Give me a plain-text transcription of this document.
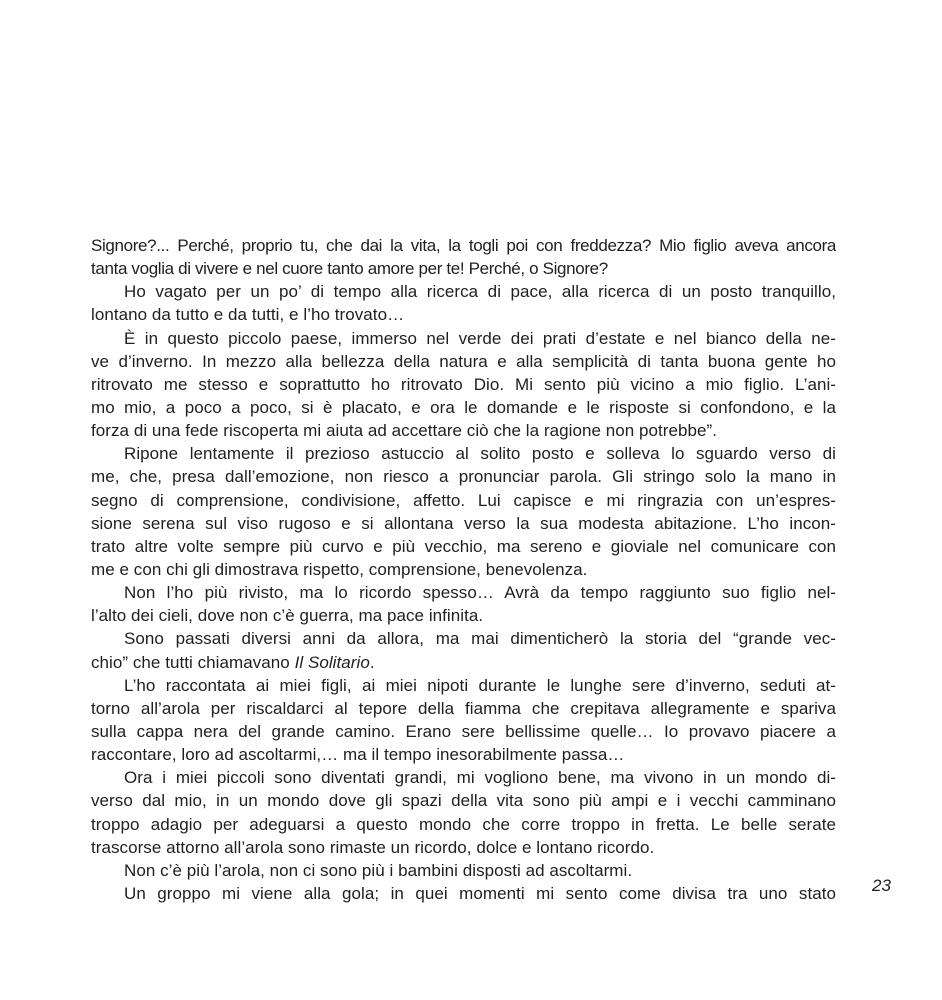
Signore?... Perché, proprio tu, che dai la vita, la togli poi con freddezza? Mio figlio aveva ancora
tanta voglia di vivere e nel cuore tanto amore per te! Perché, o Signore?
Ho vagato per un po’ di tempo alla ricerca di pace, alla ricerca di un posto tranquillo,
lontano da tutto e da tutti, e l’ho trovato…
È in questo piccolo paese, immerso nel verde dei prati d’estate e nel bianco della ne-
ve d’inverno. In mezzo alla bellezza della natura e alla semplicità di tanta buona gente ho
ritrovato me stesso e soprattutto ho ritrovato Dio. Mi sento più vicino a mio figlio. L’ani-
mo mio, a poco a poco, si è placato, e ora le domande e le risposte si confondono, e la
forza di una fede riscoperta mi aiuta ad accettare ciò che la ragione non potrebbe”.
Ripone lentamente il prezioso astuccio al solito posto e solleva lo sguardo verso di
me, che, presa dall’emozione, non riesco a pronunciar parola. Gli stringo solo la mano in
segno di comprensione, condivisione, affetto. Lui capisce e mi ringrazia con un’espres-
sione serena sul viso rugoso e si allontana verso la sua modesta abitazione. L’ho incon-
trato altre volte sempre più curvo e più vecchio, ma sereno e gioviale nel comunicare con
me e con chi gli dimostrava rispetto, comprensione, benevolenza.
Non l’ho più rivisto, ma lo ricordo spesso… Avrà da tempo raggiunto suo figlio nel-
l’alto dei cieli, dove non c’è guerra, ma pace infinita.
Sono passati diversi anni da allora, ma mai dimenticherò la storia del “grande vec-
chio” che tutti chiamavano Il Solitario.
L’ho raccontata ai miei figli, ai miei nipoti durante le lunghe sere d’inverno, seduti at-
torno all’arola per riscaldarci al tepore della fiamma che crepitava allegramente e spariva
sulla cappa nera del grande camino. Erano sere bellissime quelle… Io provavo piacere a
raccontare, loro ad ascoltarmi,… ma il tempo inesorabilmente passa…
Ora i miei piccoli sono diventati grandi, mi vogliono bene, ma vivono in un mondo di-
verso dal mio, in un mondo dove gli spazi della vita sono più ampi e i vecchi camminano
troppo adagio per adeguarsi a questo mondo che corre troppo in fretta. Le belle serate
trascorse attorno all’arola sono rimaste un ricordo, dolce e lontano ricordo.
Non c’è più l’arola, non ci sono più i bambini disposti ad ascoltarmi.
Un groppo mi viene alla gola; in quei momenti mi sento come divisa tra uno stato 23
